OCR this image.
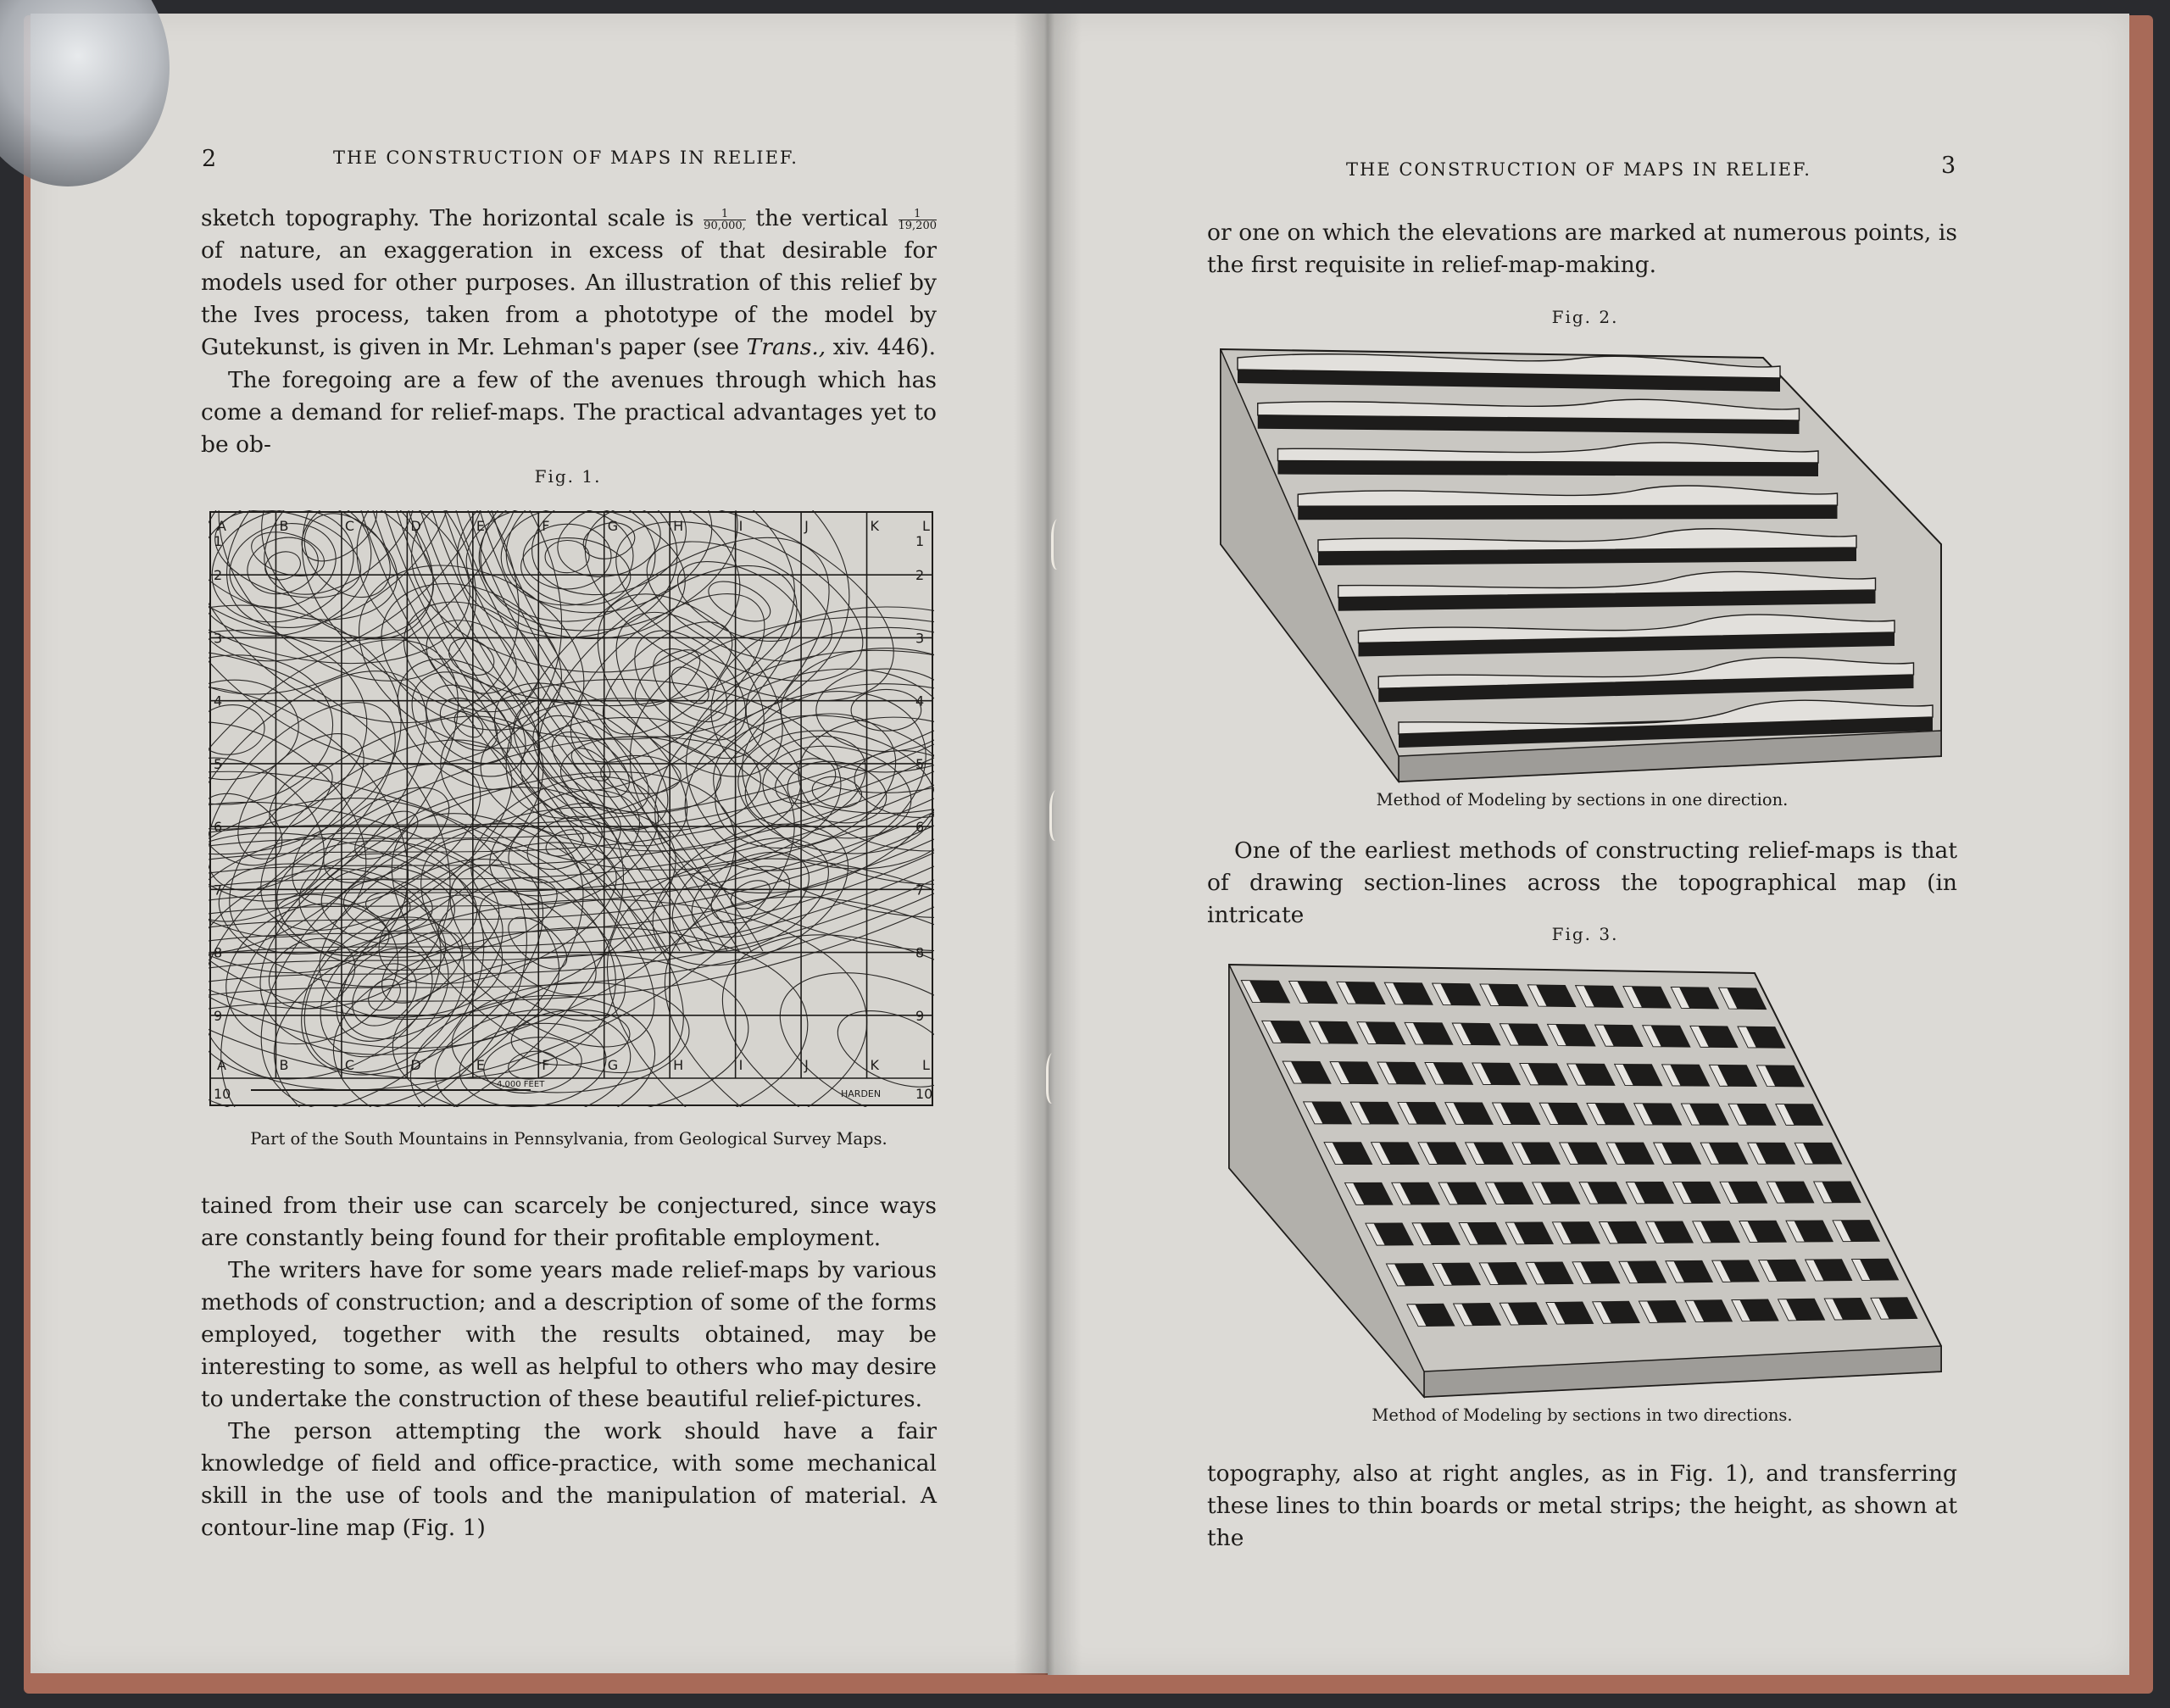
2	THE CONSTRUCTION OF MAPS IN RELIEF.

sketch topography. The horizontal scale is $\frac{1}{90,000,}$ the vertical $\frac{1}{19,200}$
of nature, an exaggeration in excess of that desirable for models used for other purposes. An illustration of this relief by the Ives process, taken from a phototype of the model by Gutekunst, is given in Mr. Lehman's paper (see Trans., xiv. 446).

The foregoing are a few of the avenues through which has come a demand for relief-maps. The practical advantages yet to be ob-

Fig. 1.
A
A
B
B
C
C
D
D
E
E
F
F
G
G
H
H
I
I
J
J
K
K
L
L
1	1
2	2
3	3
4	4
5	5
6	6
7	7
8	8
9	9
10	10
4,000 FEET
HARDEN
Part of the South Mountains in Pennsylvania, from Geological Survey Maps.

tained from their use can scarcely be conjectured, since ways are constantly being found for their profitable employment.

The writers have for some years made relief-maps by various methods of construction; and a description of some of the forms employed, together with the results obtained, may be interesting to some, as well as helpful to others who may desire to undertake the construction of these beautiful relief-pictures.

The person attempting the work should have a fair knowledge of field and office-practice, with some mechanical skill in the use of tools and the manipulation of material. A contour-line map (Fig. 1)

THE CONSTRUCTION OF MAPS IN RELIEF.	3

or one on which the elevations are marked at numerous points, is the first requisite in relief-map-making.

Fig. 2.
Method of Modeling by sections in one direction.

One of the earliest methods of constructing relief-maps is that of drawing section-lines across the topographical map (in intricate

Fig. 3.
Method of Modeling by sections in two directions.

topography, also at right angles, as in Fig. 1), and transferring these lines to thin boards or metal strips; the height, as shown at the
